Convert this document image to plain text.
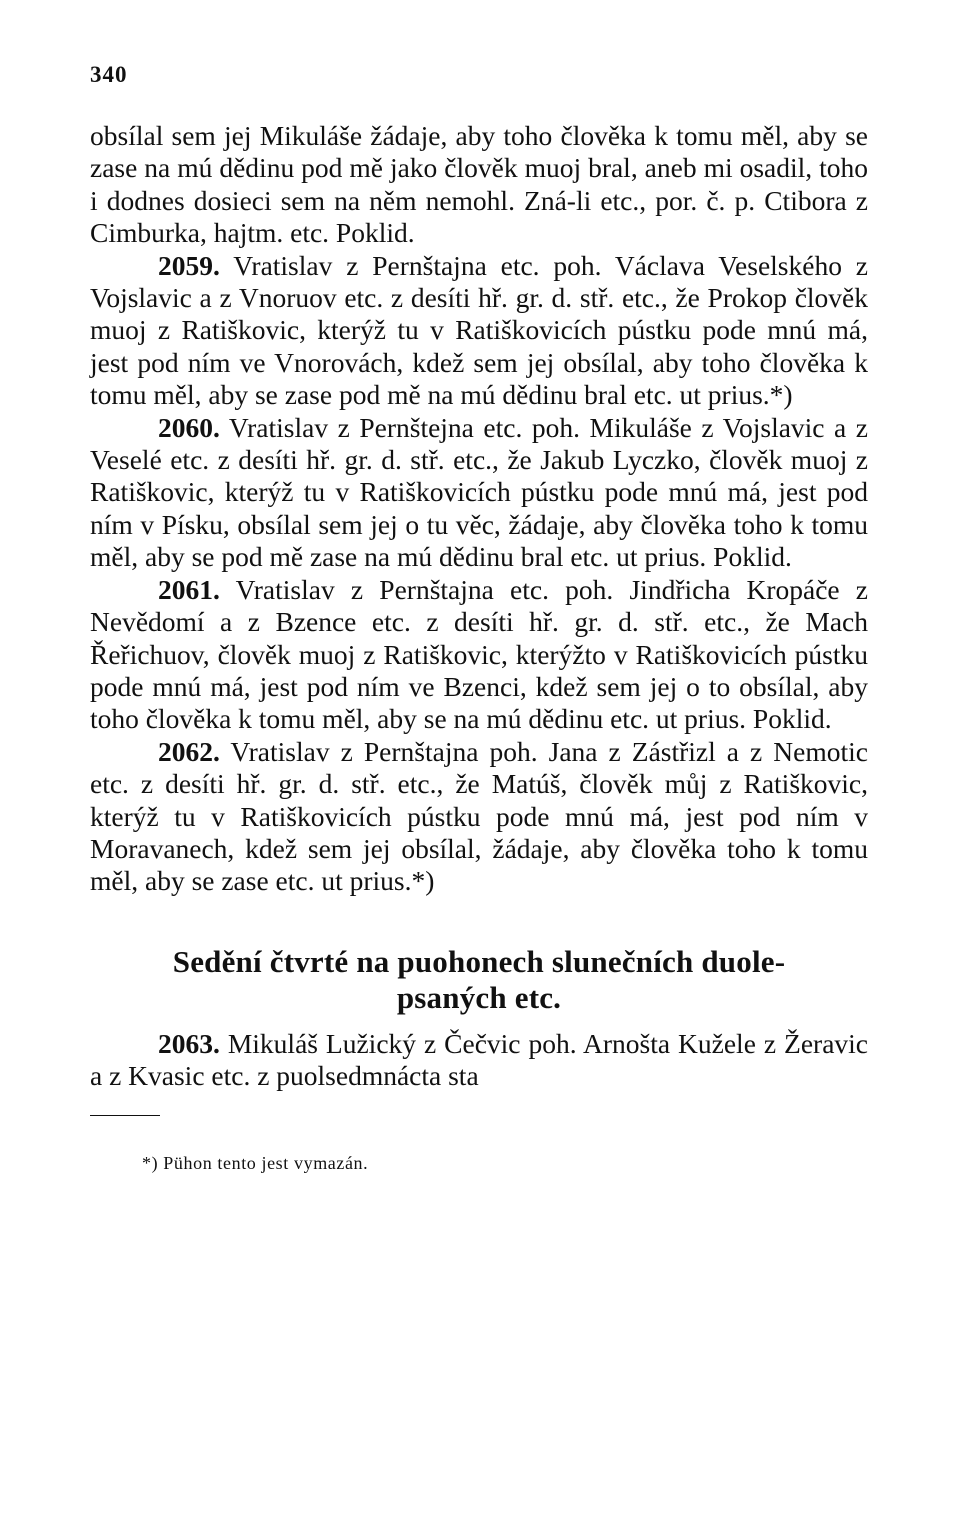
340

obsílal sem jej Mikuláše žádaje, aby toho člověka k tomu měl, aby se zase na mú dědinu pod mě jako člověk muoj bral, aneb mi osadil, toho i dodnes dosieci sem na něm nemohl. Zná-li etc., por. č. p. Ctibora z Cimburka, hajtm. etc. Poklid.

2059. Vratislav z Pernštajna etc. poh. Václava Veselského z Vojslavic a z Vnoruov etc. z desíti hř. gr. d. stř. etc., že Prokop člověk muoj z Ratiškovic, kterýž tu v Ratiškovicích pústku pode mnú má, jest pod ním ve Vnorovách, kdež sem jej obsílal, aby toho člověka k tomu měl, aby se zase pod mě na mú dědinu bral etc. ut prius.*)

2060. Vratislav z Pernštejna etc. poh. Mikuláše z Vojslavic a z Veselé etc. z desíti hř. gr. d. stř. etc., že Jakub Lyczko, člověk muoj z Ratiškovic, kterýž tu v Ratiškovicích pústku pode mnú má, jest pod ním v Písku, obsílal sem jej o tu věc, žádaje, aby člověka toho k tomu měl, aby se pod mě zase na mú dědinu bral etc. ut prius. Poklid.

2061. Vratislav z Pernštajna etc. poh. Jindřicha Kropáče z Nevědomí a z Bzence etc. z desíti hř. gr. d. stř. etc., že Mach Řeřichuov, člověk muoj z Ratiškovic, kterýžto v Ratiškovicích pústku pode mnú má, jest pod ním ve Bzenci, kdež sem jej o to obsílal, aby toho člověka k tomu měl, aby se na mú dědinu etc. ut prius. Poklid.

2062. Vratislav z Pernštajna poh. Jana z Zástřizl a z Nemotic etc. z desíti hř. gr. d. stř. etc., že Matúš, člověk můj z Ratiškovic, kterýž tu v Ratiškovicích pústku pode mnú má, jest pod ním v Moravanech, kdež sem jej obsílal, žádaje, aby člověka toho k tomu měl, aby se zase etc. ut prius.*)

Sedění čtvrté na puohonech slunečních duole-
psaných etc.

2063. Mikuláš Lužický z Čečvic poh. Arnošta Kužele z Žeravic a z Kvasic etc. z puolsedmnácta sta

*) Pühon tento jest vymazán.
